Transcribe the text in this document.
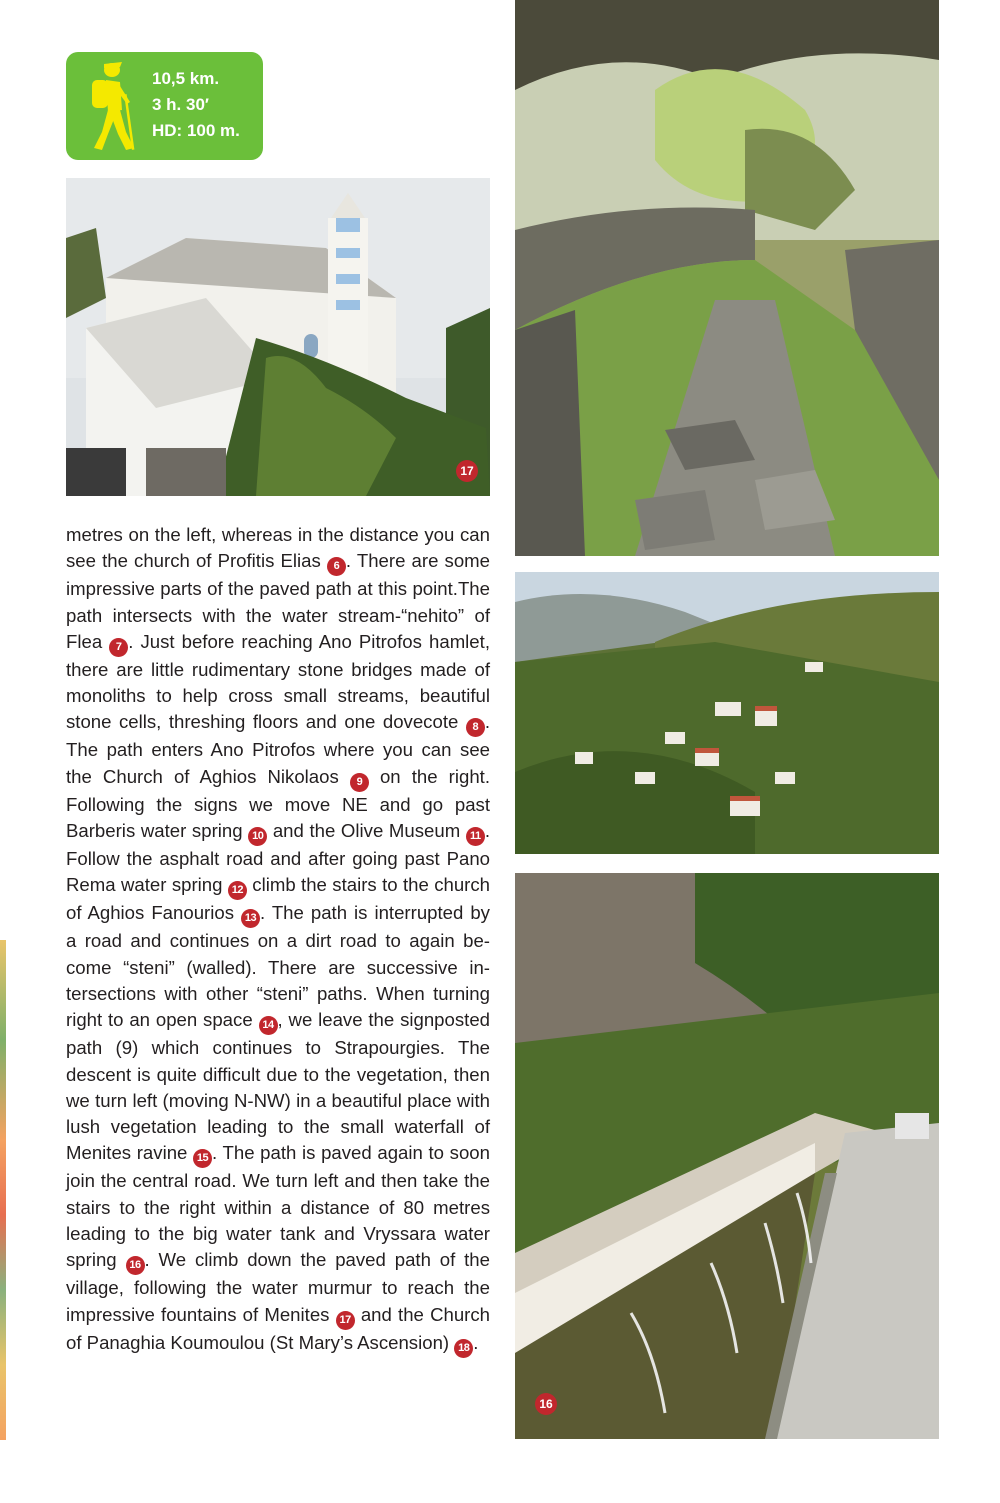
10,5 km.
3 h. 30′
HD: 100 m.
17
16

metres on the left, whereas in the distance you can see the church of Profitis Elias 6 . There are some impressive parts of the paved path at this point.The path intersects with the water stream-“nehito” of Flea 7 . Just before reaching Ano Pitrofos hamlet, there are little rudimentary stone bridges made of monoliths to help cross small streams, beautiful stone cells, threshing floors and one dovecote 8 . The path enters Ano Pitrofos where you can see the Church of Aghios Nikolaos 9 on the right. Following the signs we move NE and go past Barberis water spring 10 and the Olive Museum 11 . Follow the asphalt road and after going past Pano Rema water spring 12 climb the stairs to the church of Aghios Fanourios 13 . The path is interrupted by a road and continues on a dirt road to again become “steni” (walled). There are successive intersections with other “steni” paths. When turning right to an open space 14 , we leave the signposted path (9) which continues to Strapourgies. The descent is quite difficult due to the vegetation, then we turn left (moving N-NW) in a beautiful place with lush vegetation leading to the small waterfall of Menites ravine 15 . The path is paved again to soon join the central road. We turn left and then take the stairs to the right within a distance of 80 metres leading to the big water tank and Vryssara water spring 16 . We climb down the paved path of the village, following the water murmur to reach the impressive fountains of Menites 17 and the Church of Panaghia Koumoulou (St Mary’s Ascension) 18 .
